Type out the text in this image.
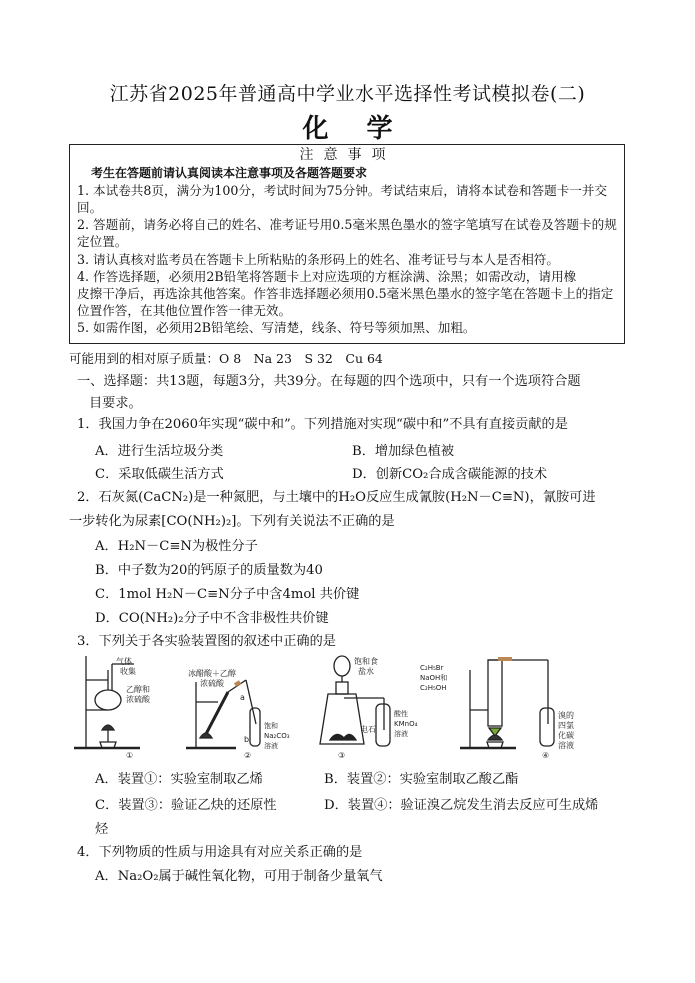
江苏省2025年普通高中学业水平选择性考试模拟卷(二)
化学
注意事项

考生在答题前请认真阅读本注意事项及各题答题要求

1. 本试卷共8页，满分为100分，考试时间为75分钟。考试结束后，请将本试卷和答题卡一并交回。

2. 答题前，请务必将自己的姓名、准考证号用0.5毫米黑色墨水的签字笔填写在试卷及答题卡的规定位置。

3. 请认真核对监考员在答题卡上所粘贴的条形码上的姓名、准考证号与本人是否相符。

4. 作答选择题，必须用2B铅笔将答题卡上对应选项的方框涂满、涂黑；如需改动，请用橡

皮擦干净后，再选涂其他答案。作答非选择题必须用0.5毫米黑色墨水的签字笔在答题卡上的指定位置作答，在其他位置作答一律无效。

5. 如需作图，必须用2B铅笔绘、写清楚，线条、符号等须加黑、加粗。

可能用到的相对原子质量：O 8　Na 23　S 32　Cu 64
一、选择题：共13题，每题3分，共39分。在每题的四个选项中，只有一个选项符合题
目要求。
1．我国力争在2060年实现“碳中和”。下列措施对实现“碳中和”不具有直接贡献的是
A．进行生活垃圾分类	B．增加绿色植被
C．采取低碳生活方式	D．创新CO₂合成含碳能源的技术
2．石灰氮(CaCN₂)是一种氮肥，与土壤中的H₂O反应生成氰胺(H₂N－C≡N)，氰胺可进
一步转化为尿素[CO(NH₂)₂]。下列有关说法不正确的是
A．H₂N－C≡N为极性分子
B．中子数为20的钙原子的质量数为40
C．1mol H₂N－C≡N分子中含4mol 共价键
D．CO(NH₂)₂分子中不含非极性共价键
3．下列关于各实验装置图的叙述中正确的是
气体
收集
乙醇和
浓硫酸
①
冰醋酸＋乙醇
浓硫酸
a
b
饱和
Na₂CO₃
溶液
②
饱和食
盐水
酸性
KMnO₄
溶液
电石
③
C₂H₅Br
NaOH和
C₂H₅OH
溴的
四氯
化碳
溶液
④
A．装置①：实验室制取乙烯	B．装置②：实验室制取乙酸乙酯
C．装置③：验证乙炔的还原性	D．装置④：验证溴乙烷发生消去反应可生成烯
烃
4．下列物质的性质与用途具有对应关系正确的是
A．Na₂O₂属于碱性氧化物，可用于制备少量氧气
